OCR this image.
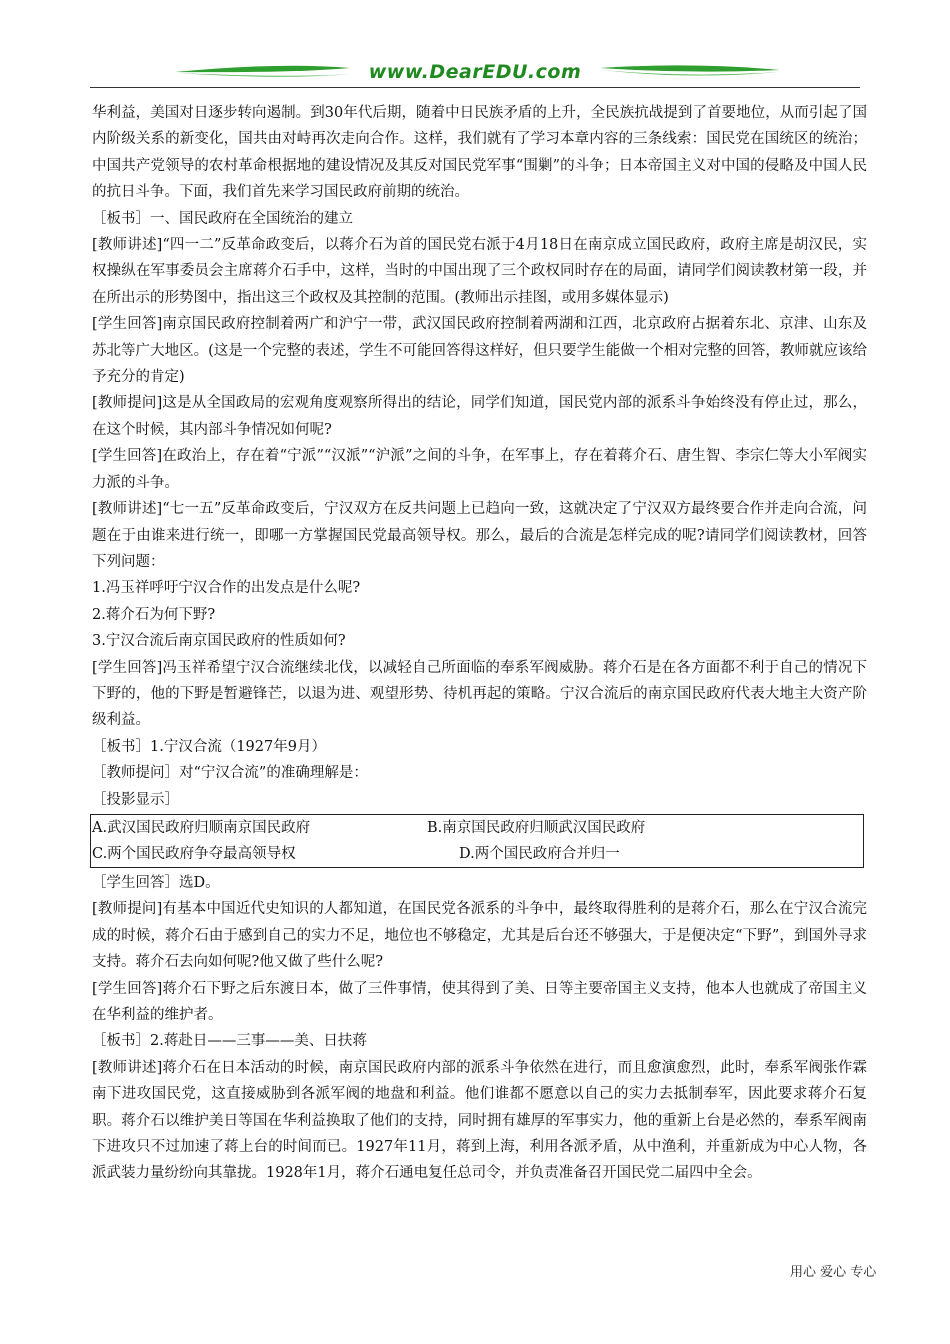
www.DearEDU.com

华利益，美国对日逐步转向遏制。到30年代后期，随着中日民族矛盾的上升，全民族抗战提到了首要地位，从而引起了国内阶级关系的新变化，国共由对峙再次走向合作。这样，我们就有了学习本章内容的三条线索：国民党在国统区的统治；中国共产党领导的农村革命根据地的建设情况及其反对国民党军事“围剿”的斗争；日本帝国主义对中国的侵略及中国人民的抗日斗争。下面，我们首先来学习国民政府前期的统治。

［板书］一、国民政府在全国统治的建立

[教师讲述]“四一二”反革命政变后，以蒋介石为首的国民党右派于4月18日在南京成立国民政府，政府主席是胡汉民，实权操纵在军事委员会主席蒋介石手中，这样，当时的中国出现了三个政权同时存在的局面，请同学们阅读教材第一段，并在所出示的形势图中，指出这三个政权及其控制的范围。(教师出示挂图，或用多媒体显示)

[学生回答]南京国民政府控制着两广和沪宁一带，武汉国民政府控制着两湖和江西，北京政府占据着东北、京津、山东及苏北等广大地区。(这是一个完整的表述，学生不可能回答得这样好，但只要学生能做一个相对完整的回答，教师就应该给予充分的肯定)

[教师提问]这是从全国政局的宏观角度观察所得出的结论，同学们知道，国民党内部的派系斗争始终没有停止过，那么，在这个时候，其内部斗争情况如何呢?

[学生回答]在政治上，存在着“宁派”“汉派”“沪派”之间的斗争，在军事上，存在着蒋介石、唐生智、李宗仁等大小军阀实力派的斗争。

[教师讲述]“七一五”反革命政变后，宁汉双方在反共问题上已趋向一致，这就决定了宁汉双方最终要合作并走向合流，问题在于由谁来进行统一，即哪一方掌握国民党最高领导权。那么，最后的合流是怎样完成的呢?请同学们阅读教材，回答下列问题：

1.冯玉祥呼吁宁汉合作的出发点是什么呢?

2.蒋介石为何下野?

3.宁汉合流后南京国民政府的性质如何?

[学生回答]冯玉祥希望宁汉合流继续北伐，以减轻自己所面临的奉系军阀威胁。蒋介石是在各方面都不利于自己的情况下下野的，他的下野是暂避锋芒，以退为进、观望形势、待机再起的策略。宁汉合流后的南京国民政府代表大地主大资产阶级利益。

［板书］1.宁汉合流（1927年9月）

［教师提问］对“宁汉合流”的准确理解是：

［投影显示］

A.武汉国民政府归顺南京国民政府	B.南京国民政府归顺武汉国民政府
C.两个国民政府争夺最高领导权	D.两个国民政府合并归一

［学生回答］选D。

[教师提问]有基本中国近代史知识的人都知道，在国民党各派系的斗争中，最终取得胜利的是蒋介石，那么在宁汉合流完成的时候，蒋介石由于感到自己的实力不足，地位也不够稳定，尤其是后台还不够强大，于是便决定“下野”，到国外寻求支持。蒋介石去向如何呢?他又做了些什么呢?

[学生回答]蒋介石下野之后东渡日本，做了三件事情，使其得到了美、日等主要帝国主义支持，他本人也就成了帝国主义在华利益的维护者。

［板书］2.蒋赴日——三事——美、日扶蒋

[教师讲述]蒋介石在日本活动的时候，南京国民政府内部的派系斗争依然在进行，而且愈演愈烈，此时，奉系军阀张作霖南下进攻国民党，这直接威胁到各派军阀的地盘和利益。他们谁都不愿意以自己的实力去抵制奉军，因此要求蒋介石复职。蒋介石以维护美日等国在华利益换取了他们的支持，同时拥有雄厚的军事实力，他的重新上台是必然的，奉系军阀南下进攻只不过加速了蒋上台的时间而已。1927年11月，蒋到上海，利用各派矛盾，从中渔利，并重新成为中心人物，各派武装力量纷纷向其靠拢。1928年1月，蒋介石通电复任总司令，并负责准备召开国民党二届四中全会。

用心 爱心 专心
